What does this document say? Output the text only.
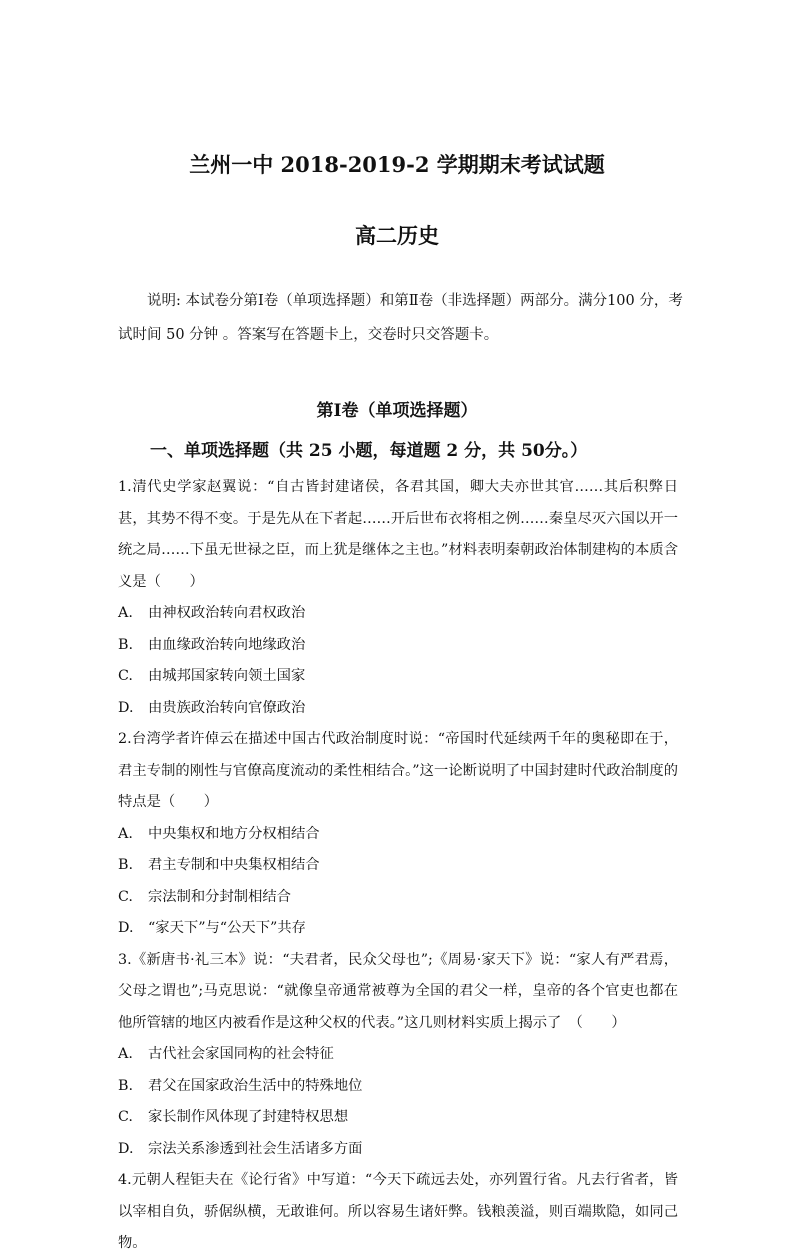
兰州一中 2018-2019-2 学期期末考试试题
高二历史
说明: 本试卷分第Ⅰ卷（单项选择题）和第Ⅱ卷（非选择题）两部分。满分100 分，考试时间 50 分钟 。答案写在答题卡上，交卷时只交答题卡。
第Ⅰ卷（单项选择题）
一、单项选择题（共 25 小题，每道题 2 分，共 50分。）

1.清代史学家赵翼说：“自古皆封建诸侯，各君其国，卿大夫亦世其官……其后积弊日甚，其势不得不变。于是先从在下者起……开后世布衣将相之例……秦皇尽灭六国以开一统之局……下虽无世禄之臣，而上犹是继体之主也。”材料表明秦朝政治体制建构的本质含义是（　　）

A. 由神权政治转向君权政治
B. 由血缘政治转向地缘政治
C. 由城邦国家转向领土国家
D. 由贵族政治转向官僚政治

2.台湾学者许倬云在描述中国古代政治制度时说：“帝国时代延续两千年的奥秘即在于，君主专制的刚性与官僚高度流动的柔性相结合。”这一论断说明了中国封建时代政治制度的特点是（　　）

A. 中央集权和地方分权相结合
B. 君主专制和中央集权相结合
C. 宗法制和分封制相结合
D. “家天下”与“公天下”共存

3.《新唐书·礼三本》说：“夫君者，民众父母也”;《周易·家天下》说：“家人有严君焉，父母之谓也”;马克思说：“就像皇帝通常被尊为全国的君父一样，皇帝的各个官吏也都在他所管辖的地区内被看作是这种父权的代表。”这几则材料实质上揭示了　（　　）

A. 古代社会家国同构的社会特征
B. 君父在国家政治生活中的特殊地位
C. 家长制作风体现了封建特权思想
D. 宗法关系渗透到社会生活诸多方面

4.元朝人程钜夫在《论行省》中写道：“今天下疏远去处，亦列置行省。凡去行省者，皆以宰相自负，骄倨纵横，无敢谁何。所以容易生诸奸弊。钱粮羡溢，则百端欺隐，如同己物。
